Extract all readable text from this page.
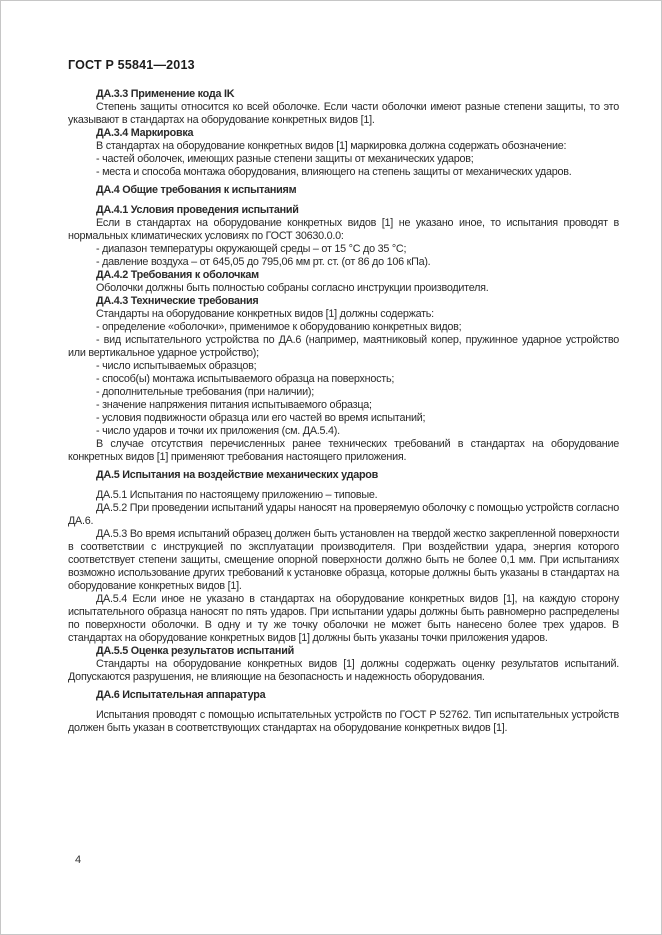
ГОСТ Р 55841—2013

ДА.3.3 Применение кода IK

Степень защиты относится ко всей оболочке. Если части оболочки имеют разные степени защиты, то это указывают в стандартах на оборудование конкретных видов [1].

ДА.3.4 Маркировка

В стандартах на оборудование конкретных видов [1] маркировка должна содержать обозначение:

- частей оболочек, имеющих разные степени защиты от механических ударов;

- места и способа монтажа оборудования, влияющего на степень защиты от механических ударов.

ДА.4 Общие требования к испытаниям

ДА.4.1 Условия проведения испытаний

Если в стандартах на оборудование конкретных видов [1] не указано иное, то испытания проводят в нормальных климатических условиях по ГОСТ 30630.0.0:

- диапазон температуры окружающей среды – от 15 °С до 35 °С;

- давление воздуха – от 645,05 до 795,06 мм рт. ст. (от 86 до 106 кПа).

ДА.4.2 Требования к оболочкам

Оболочки должны быть полностью собраны согласно инструкции производителя.

ДА.4.3 Технические требования

Стандарты на оборудование конкретных видов [1] должны содержать:

- определение «оболочки», применимое к оборудованию конкретных видов;

- вид испытательного устройства по ДА.6 (например, маятниковый копер, пружинное ударное устройство или вертикальное ударное устройство);

- число испытываемых образцов;

- способ(ы) монтажа испытываемого образца на поверхность;

- дополнительные требования (при наличии);

- значение напряжения питания испытываемого образца;

- условия подвижности образца или его частей во время испытаний;

- число ударов и точки их приложения (см. ДА.5.4).

В случае отсутствия перечисленных ранее технических требований в стандартах на оборудование конкретных видов [1] применяют требования настоящего приложения.

ДА.5 Испытания на воздействие механических ударов

ДА.5.1 Испытания по настоящему приложению – типовые.

ДА.5.2 При проведении испытаний удары наносят на проверяемую оболочку с помощью устройств согласно ДА.6.

ДА.5.3 Во время испытаний образец должен быть установлен на твердой жестко закрепленной поверхности в соответствии с инструкцией по эксплуатации производителя. При воздействии удара, энергия которого соответствует степени защиты, смещение опорной поверхности должно быть не более 0,1 мм. При испытаниях возможно использование других требований к установке образца, которые должны быть указаны в стандартах на оборудование конкретных видов [1].

ДА.5.4 Если иное не указано в стандартах на оборудование конкретных видов [1], на каждую сторону испытательного образца наносят по пять ударов. При испытании удары должны быть равномерно распределены по поверхности оболочки. В одну и ту же точку оболочки не может быть нанесено более трех ударов. В стандартах на оборудование конкретных видов [1] должны быть указаны точки приложения ударов.

ДА.5.5 Оценка результатов испытаний

Стандарты на оборудование конкретных видов [1] должны содержать оценку результатов испытаний. Допускаются разрушения, не влияющие на безопасность и надежность оборудования.

ДА.6 Испытательная аппаратура

Испытания проводят с помощью испытательных устройств по ГОСТ Р 52762. Тип испытательных устройств должен быть указан в соответствующих стандартах на оборудование конкретных видов [1].

4
